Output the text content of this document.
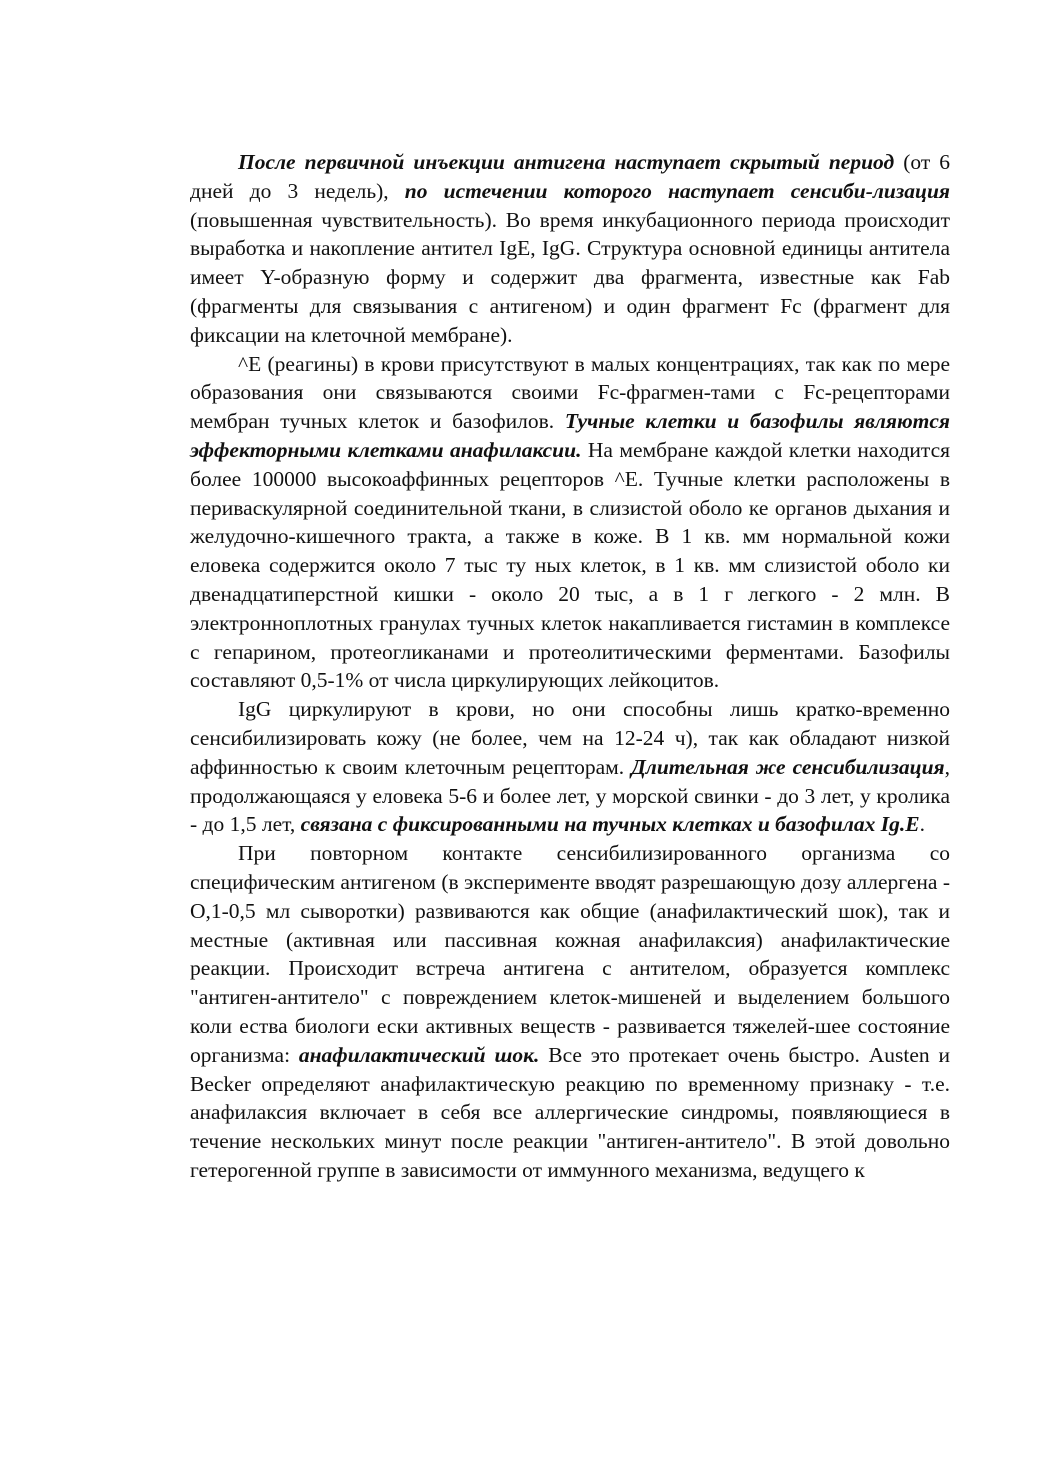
После первичной инъекции антигена наступает скрытый период (от 6 дней до 3 недель), по истечении которого наступает сенсиби-лизация (повышенная чувствительность). Во время инкубационного периода происходит выработка и накопление антител IgE, IgG. Структура основной единицы антитела имеет Y-образную форму и содержит два фрагмента, известные как Fab (фрагменты для связывания с антигеном) и один фрагмент Fc (фрагмент для фиксации на клеточной мембране).

^E (реагины) в крови присутствуют в малых концентрациях, так как по мере образования они связываются своими Fc-фрагмен-тами с Fc-рецепторами мембран тучных клеток и базофилов. Тучные клетки и базофилы являются эффекторными клетками анафилаксии. На мембране каждой клетки находится более 100000 высокоаффинных рецепторов ^E. Тучные клетки расположены в периваскулярной соединительной ткани, в слизистой оболо ке органов дыхания и желудочно-кишечного тракта, а также в коже. В 1 кв. мм нормальной кожи еловека содержится около 7 тыс ту ных клеток, в 1 кв. мм слизистой оболо ки двенадцатиперстной кишки - около 20 тыс, а в 1 г легкого - 2 млн. В электронноплотных гранулах тучных клеток накапливается гистамин в комплексе с гепарином, протеогликанами и протеолитическими ферментами. Базофилы составляют 0,5-1% от числа циркулирующих лейкоцитов.

IgG циркулируют в крови, но они способны лишь кратко-временно сенсибилизировать кожу (не более, чем на 12-24 ч), так как обладают низкой аффинностью к своим клеточным рецепторам. Длительная же сенсибилизация, продолжающаяся у еловека 5-6 и более лет, у морской свинки - до 3 лет, у кролика - до 1,5 лет, связана с фиксированными на тучных клетках и базофилах Ig.E.

При повторном контакте сенсибилизированного организма со специфическим антигеном (в эксперименте вводят разрешающую дозу аллергена - О,1-0,5 мл сыворотки) развиваются как общие (анафилактический шок), так и местные (активная или пассивная кожная анафилаксия) анафилактические реакции. Происходит встреча антигена с антителом, образуется комплекс "антиген-антитело" с повреждением клеток-мишеней и выделением большого коли ества биологи ески активных веществ - развивается тяжелей-шее состояние организма: анафилактический шок. Все это протекает очень быстро. Austen и Becker определяют анафилактическую реакцию по временному признаку - т.е. анафилаксия включает в себя все аллергические синдромы, появляющиеся в течение нескольких минут после реакции "антиген-антитело". В этой довольно гетерогенной группе в зависимости от иммунного механизма, ведущего к
